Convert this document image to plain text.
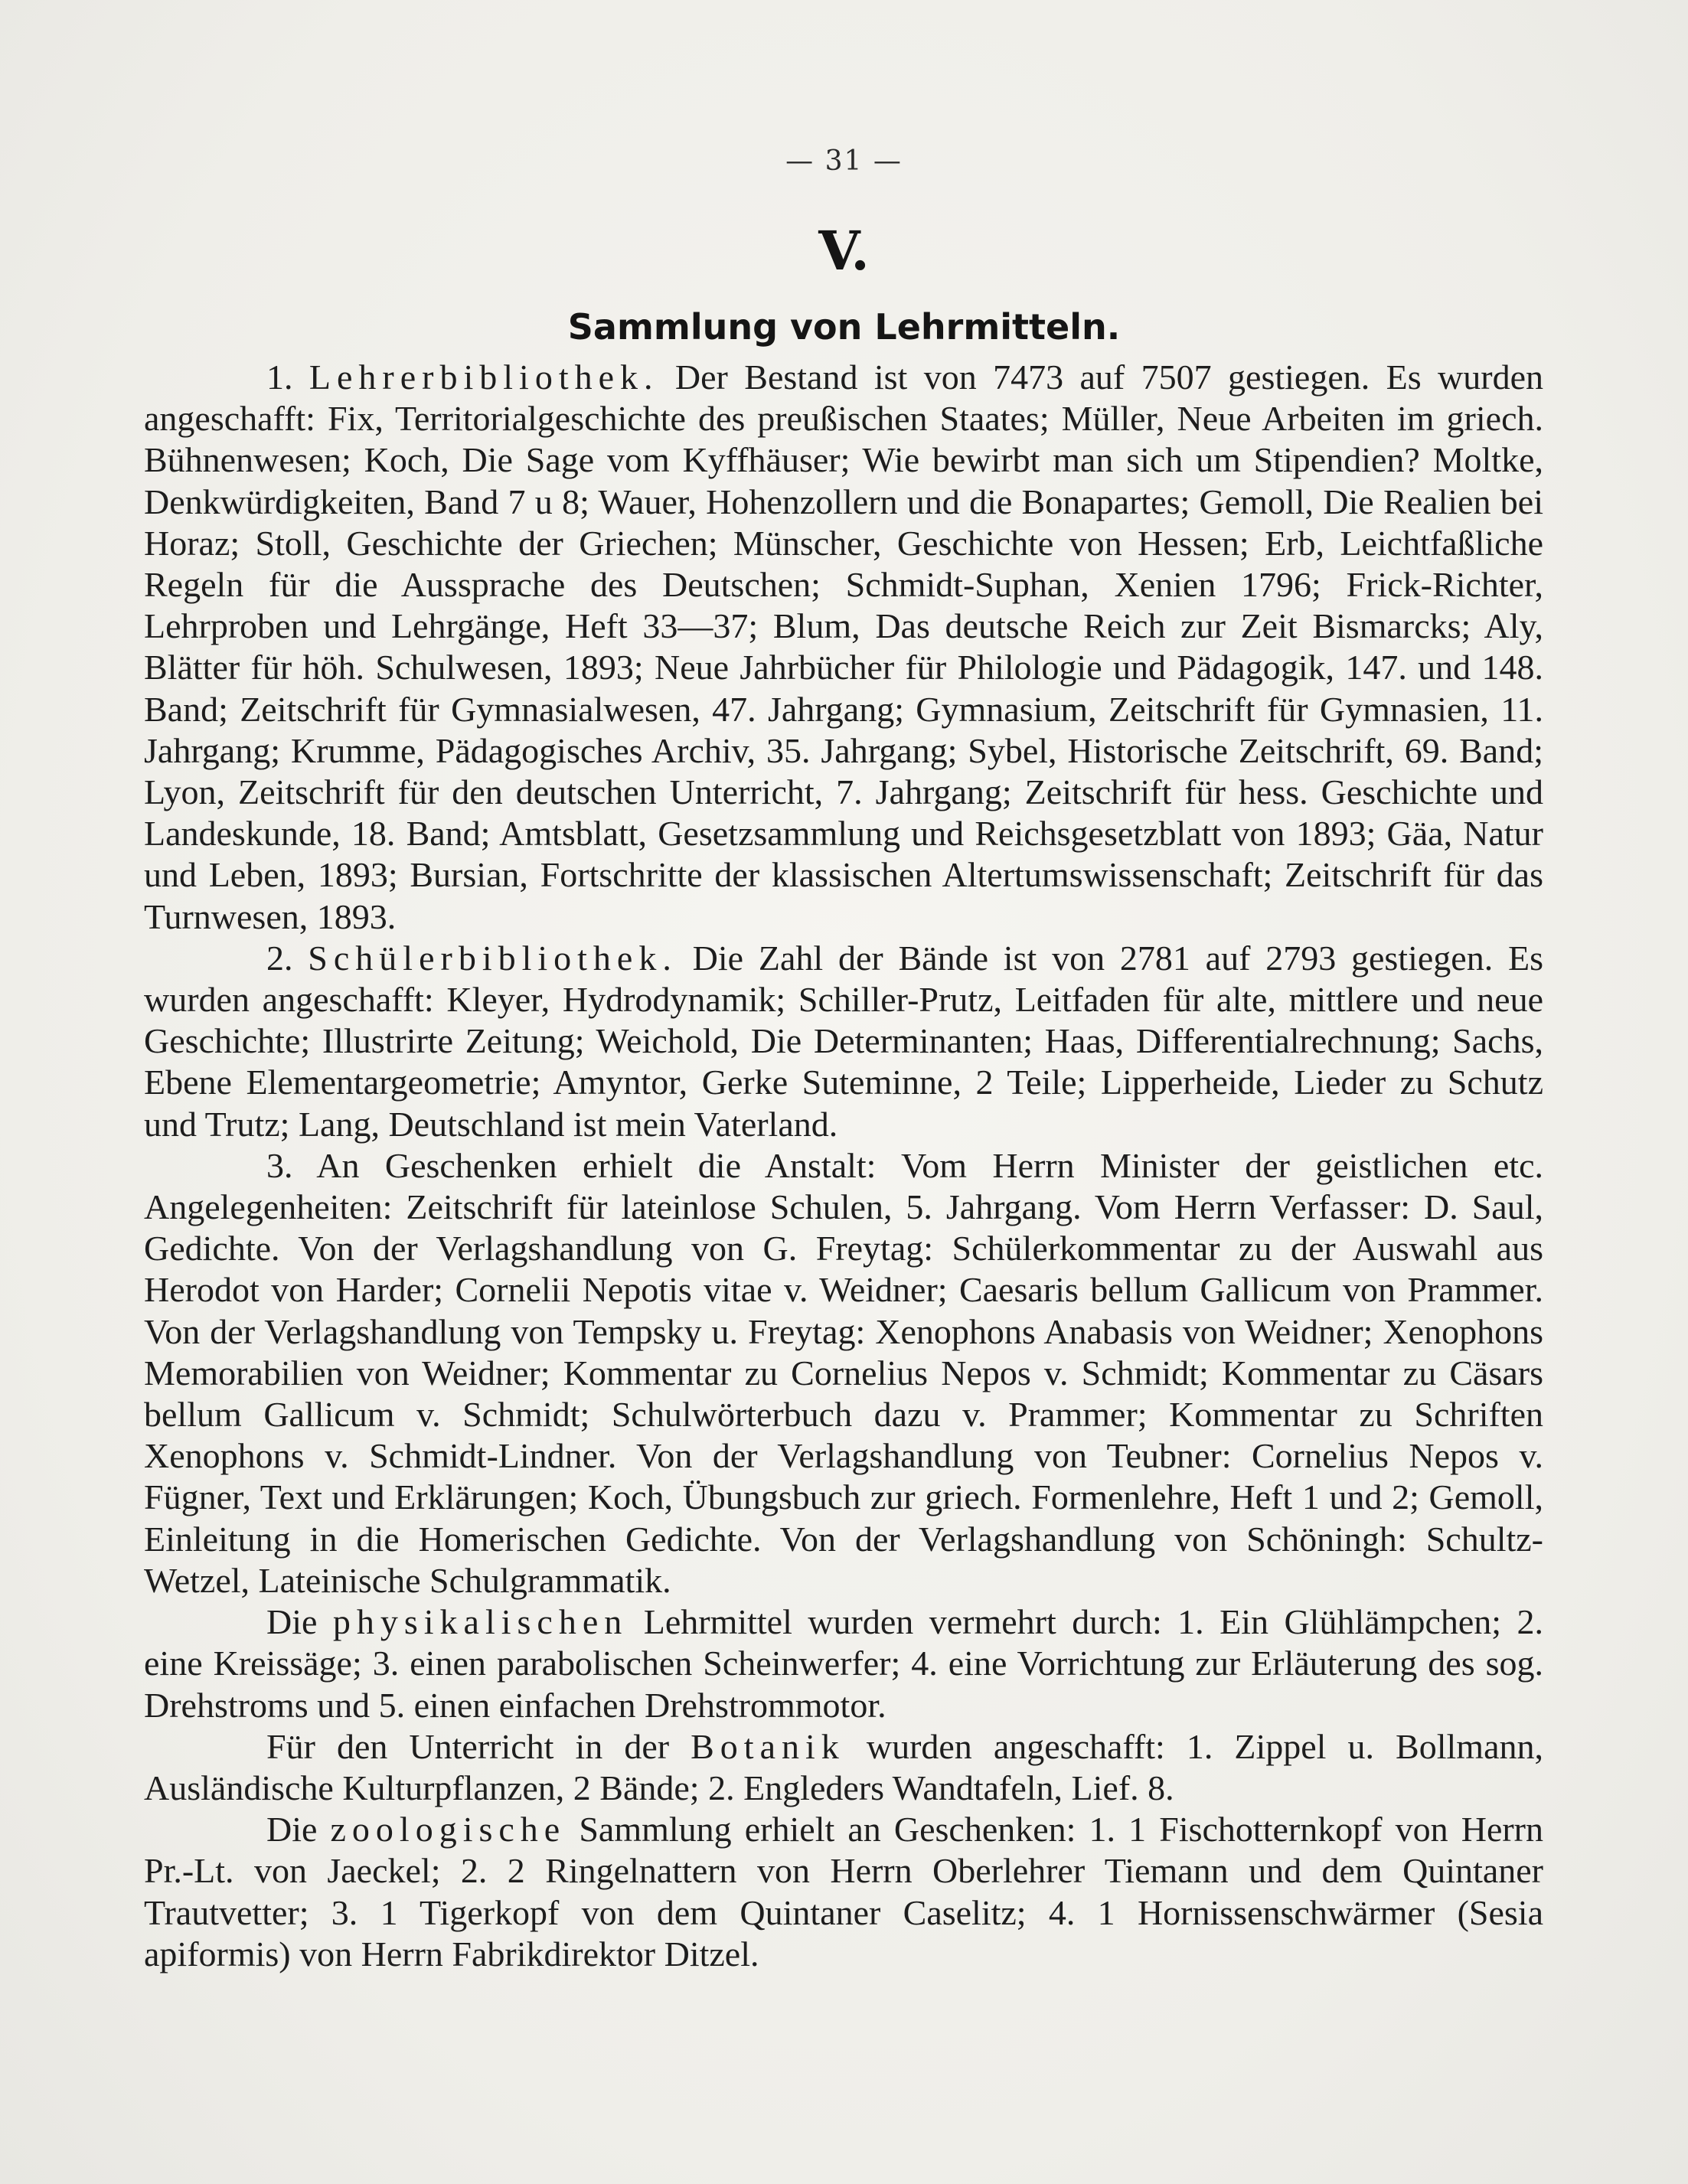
— 31 —
V.
Sammlung von Lehrmitteln.

1. Lehrerbibliothek. Der Bestand ist von 7473 auf 7507 gestiegen. Es wurden angeschafft: Fix, Territorialgeschichte des preußischen Staates; Müller, Neue Arbeiten im griech. Bühnenwesen; Koch, Die Sage vom Kyffhäuser; Wie bewirbt man sich um Stipendien? Moltke, Denkwürdigkeiten, Band 7 u 8; Wauer, Hohenzollern und die Bonapartes; Gemoll, Die Realien bei Horaz; Stoll, Geschichte der Griechen; Münscher, Geschichte von Hessen; Erb, Leichtfaßliche Regeln für die Aussprache des Deutschen; Schmidt-Suphan, Xenien 1796; Frick-Richter, Lehrproben und Lehrgänge, Heft 33—37; Blum, Das deutsche Reich zur Zeit Bismarcks; Aly, Blätter für höh. Schulwesen, 1893; Neue Jahrbücher für Philologie und Pädagogik, 147. und 148. Band; Zeitschrift für Gymnasialwesen, 47. Jahrgang; Gymnasium, Zeitschrift für Gymnasien, 11. Jahrgang; Krumme, Pädagogisches Archiv, 35. Jahrgang; Sybel, Historische Zeitschrift, 69. Band; Lyon, Zeitschrift für den deutschen Unterricht, 7. Jahrgang; Zeitschrift für hess. Geschichte und Landeskunde, 18. Band; Amtsblatt, Gesetzsammlung und Reichsgesetzblatt von 1893; Gäa, Natur und Leben, 1893; Bursian, Fortschritte der klassischen Altertumswissenschaft; Zeitschrift für das Turnwesen, 1893.

2. Schülerbibliothek. Die Zahl der Bände ist von 2781 auf 2793 gestiegen. Es wurden angeschafft: Kleyer, Hydrodynamik; Schiller-Prutz, Leitfaden für alte, mittlere und neue Geschichte; Illustrirte Zeitung; Weichold, Die Determinanten; Haas, Differentialrechnung; Sachs, Ebene Elementargeometrie; Amyntor, Gerke Suteminne, 2 Teile; Lipperheide, Lieder zu Schutz und Trutz; Lang, Deutschland ist mein Vaterland.

3. An Geschenken erhielt die Anstalt: Vom Herrn Minister der geistlichen etc. Angelegenheiten: Zeitschrift für lateinlose Schulen, 5. Jahrgang. Vom Herrn Verfasser: D. Saul, Gedichte. Von der Verlagshandlung von G. Freytag: Schülerkommentar zu der Auswahl aus Herodot von Harder; Cornelii Nepotis vitae v. Weidner; Caesaris bellum Gallicum von Prammer. Von der Verlagshandlung von Tempsky u. Freytag: Xenophons Anabasis von Weidner; Xenophons Memorabilien von Weidner; Kommentar zu Cornelius Nepos v. Schmidt; Kommentar zu Cäsars bellum Gallicum v. Schmidt; Schulwörterbuch dazu v. Prammer; Kommentar zu Schriften Xenophons v. Schmidt-Lindner. Von der Verlagshandlung von Teubner: Cornelius Nepos v. Fügner, Text und Erklärungen; Koch, Übungsbuch zur griech. Formenlehre, Heft 1 und 2; Gemoll, Einleitung in die Homerischen Gedichte. Von der Verlagshandlung von Schöningh: Schultz-Wetzel, Lateinische Schulgrammatik.

Die physikalischen Lehrmittel wurden vermehrt durch: 1. Ein Glühlämpchen; 2. eine Kreissäge; 3. einen parabolischen Scheinwerfer; 4. eine Vorrichtung zur Erläuterung des sog. Drehstroms und 5. einen einfachen Drehstrommotor.

Für den Unterricht in der Botanik wurden angeschafft: 1. Zippel u. Bollmann, Ausländische Kulturpflanzen, 2 Bände; 2. Engleders Wandtafeln, Lief. 8.

Die zoologische Sammlung erhielt an Geschenken: 1. 1 Fischotternkopf von Herrn Pr.-Lt. von Jaeckel; 2. 2 Ringelnattern von Herrn Oberlehrer Tiemann und dem Quintaner Trautvetter; 3. 1 Tigerkopf von dem Quintaner Caselitz; 4. 1 Hornissenschwärmer (Sesia apiformis) von Herrn Fabrikdirektor Ditzel.
